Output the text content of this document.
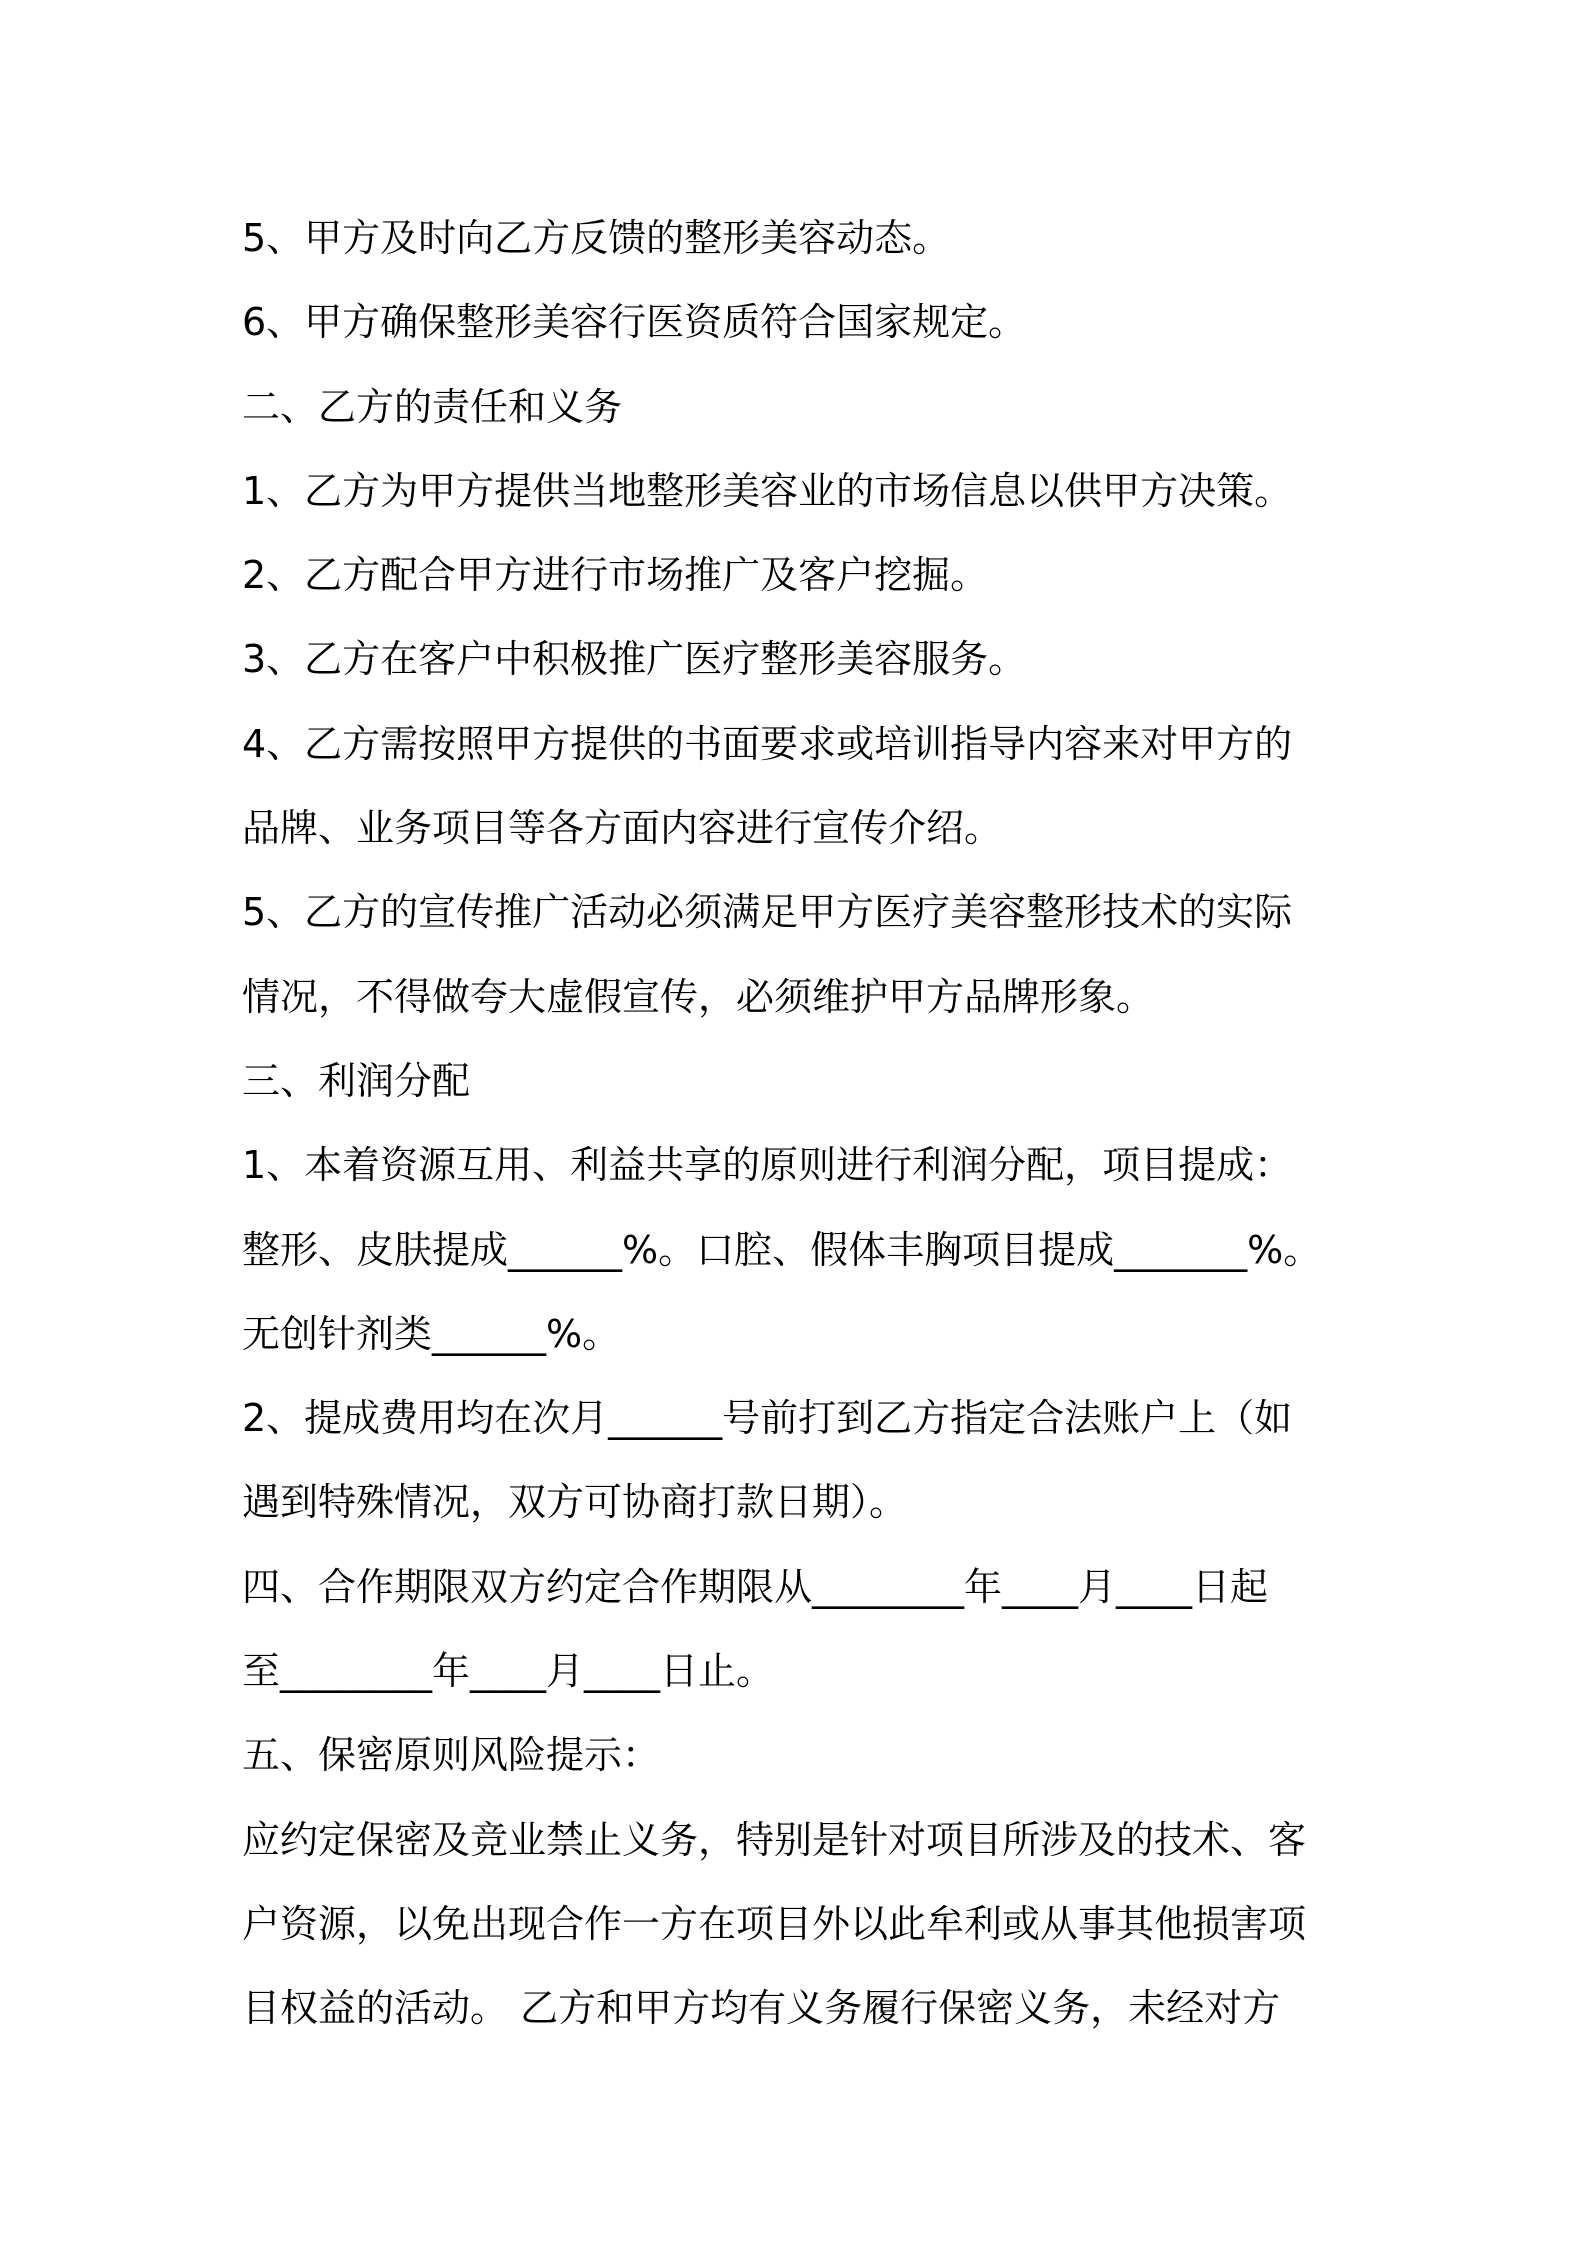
5、甲方及时向乙方反馈的整形美容动态。
6、甲方确保整形美容行医资质符合国家规定。
二、乙方的责任和义务
1、乙方为甲方提供当地整形美容业的市场信息以供甲方决策。
2、乙方配合甲方进行市场推广及客户挖掘。
3、乙方在客户中积极推广医疗整形美容服务。
4、乙方需按照甲方提供的书面要求或培训指导内容来对甲方的
品牌、业务项目等各方面内容进行宣传介绍。
5、乙方的宣传推广活动必须满足甲方医疗美容整形技术的实际
情况，不得做夸大虚假宣传，必须维护甲方品牌形象。
三、利润分配
1、本着资源互用、利益共享的原则进行利润分配，项目提成：
整形、皮肤提成______%。口腔、假体丰胸项目提成_______%。
无创针剂类______%。
2、提成费用均在次月______号前打到乙方指定合法账户上（如
遇到特殊情况，双方可协商打款日期）。
四、合作期限双方约定合作期限从________年____月____日起
至________年____月____日止。
五、保密原则风险提示：
应约定保密及竞业禁止义务，特别是针对项目所涉及的技术、客
户资源，以免出现合作一方在项目外以此牟利或从事其他损害项
目权益的活动。 乙方和甲方均有义务履行保密义务，未经对方
